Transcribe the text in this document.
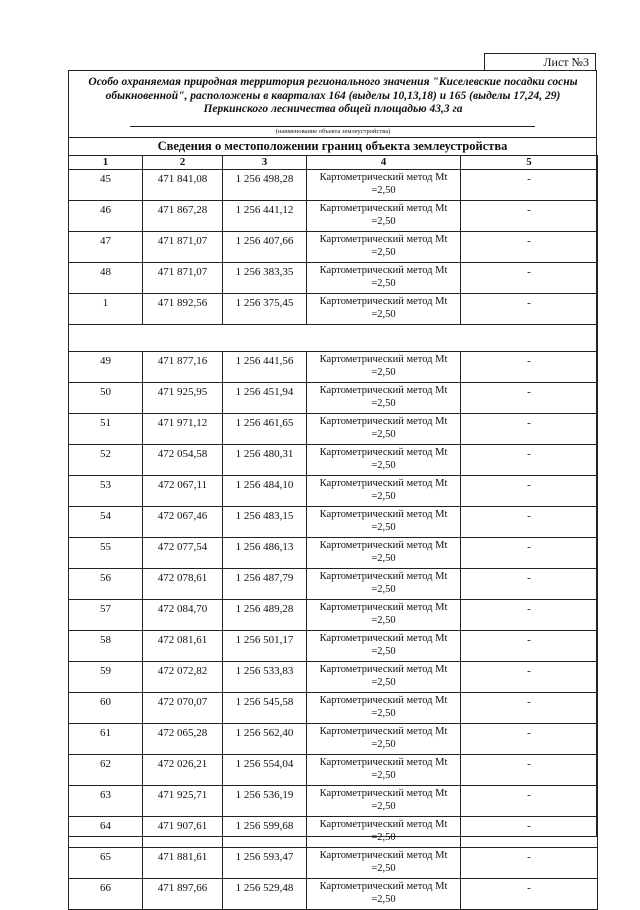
Лист №3
Особо охраняемая природная территория регионального значения "Киселевские посадки сосны
обыкновенной", расположены в кварталах 164 (выделы 10,13,18) и 165 (выделы 17,24, 29)
Перкинского лесничества общей площадью 43,3 га
(наименование объекта землеустройства)
Сведения о местоположении границ объекта землеустройства
1	2	3	4	5
45	471 841,08	1 256 498,28	Картометрический метод Mt =2,50	-
46	471 867,28	1 256 441,12	Картометрический метод Mt =2,50	-
47	471 871,07	1 256 407,66	Картометрический метод Mt =2,50	-
48	471 871,07	1 256 383,35	Картометрический метод Mt =2,50	-
1	471 892,56	1 256 375,45	Картометрический метод Mt =2,50	-

49	471 877,16	1 256 441,56	Картометрический метод Mt =2,50	-
50	471 925,95	1 256 451,94	Картометрический метод Mt =2,50	-
51	471 971,12	1 256 461,65	Картометрический метод Mt =2,50	-
52	472 054,58	1 256 480,31	Картометрический метод Mt =2,50	-
53	472 067,11	1 256 484,10	Картометрический метод Mt =2,50	-
54	472 067,46	1 256 483,15	Картометрический метод Mt =2,50	-
55	472 077,54	1 256 486,13	Картометрический метод Mt =2,50	-
56	472 078,61	1 256 487,79	Картометрический метод Mt =2,50	-
57	472 084,70	1 256 489,28	Картометрический метод Mt =2,50	-
58	472 081,61	1 256 501,17	Картометрический метод Mt =2,50	-
59	472 072,82	1 256 533,83	Картометрический метод Mt =2,50	-
60	472 070,07	1 256 545,58	Картометрический метод Mt =2,50	-
61	472 065,28	1 256 562,40	Картометрический метод Mt =2,50	-
62	472 026,21	1 256 554,04	Картометрический метод Mt =2,50	-
63	471 925,71	1 256 536,19	Картометрический метод Mt =2,50	-
64	471 907,61	1 256 599,68	Картометрический метод Mt =2,50	-
65	471 881,61	1 256 593,47	Картометрический метод Mt =2,50	-
66	471 897,66	1 256 529,48	Картометрический метод Mt =2,50	-
